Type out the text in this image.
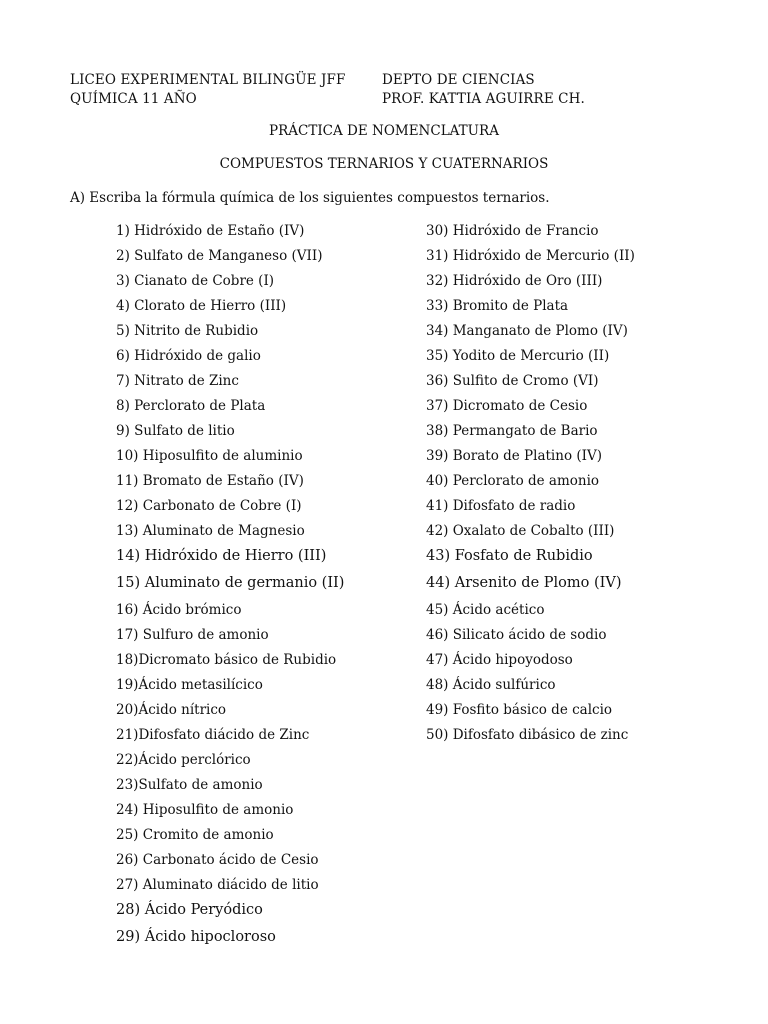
LICEO EXPERIMENTAL BILINGÜE JFF
QUÍMICA 11 AÑO
DEPTO DE CIENCIAS
PROF. KATTIA AGUIRRE CH.
PRÁCTICA DE NOMENCLATURA
COMPUESTOS TERNARIOS Y CUATERNARIOS
A) Escriba la fórmula química de los siguientes compuestos ternarios.
1) Hidróxido de Estaño (IV)
2) Sulfato de Manganeso (VII)
3) Cianato de Cobre (I)
4) Clorato de Hierro (III)
5) Nitrito de Rubidio
6) Hidróxido de galio
7) Nitrato de Zinc
8) Perclorato de Plata
9) Sulfato de litio
10) Hiposulfito de aluminio
11) Bromato de Estaño (IV)
12) Carbonato de Cobre (I)
13) Aluminato de Magnesio
14) Hidróxido de Hierro (III)
15) Aluminato de germanio (II)
16) Ácido brómico
17) Sulfuro de amonio
18)Dicromato básico de Rubidio
19)Ácido metasilícico
20)Ácido nítrico
21)Difosfato diácido de Zinc
22)Ácido perclórico
23)Sulfato de amonio
24) Hiposulfito de amonio
25) Cromito de amonio
26) Carbonato ácido de Cesio
27) Aluminato diácido de litio
28) Ácido Peryódico
29) Ácido hipocloroso
30) Hidróxido de Francio
31) Hidróxido de Mercurio (II)
32) Hidróxido de Oro (III)
33) Bromito de Plata
34) Manganato de Plomo (IV)
35) Yodito de Mercurio (II)
36) Sulfito de Cromo (VI)
37) Dicromato de Cesio
38) Permangato de Bario
39) Borato de Platino (IV)
40) Perclorato de amonio
41) Difosfato de radio
42) Oxalato de Cobalto (III)
43) Fosfato de Rubidio
44) Arsenito de Plomo (IV)
45) Ácido acético
46) Silicato ácido de sodio
47) Ácido hipoyodoso
48) Ácido sulfúrico
49) Fosfito básico de calcio
50) Difosfato dibásico de zinc
